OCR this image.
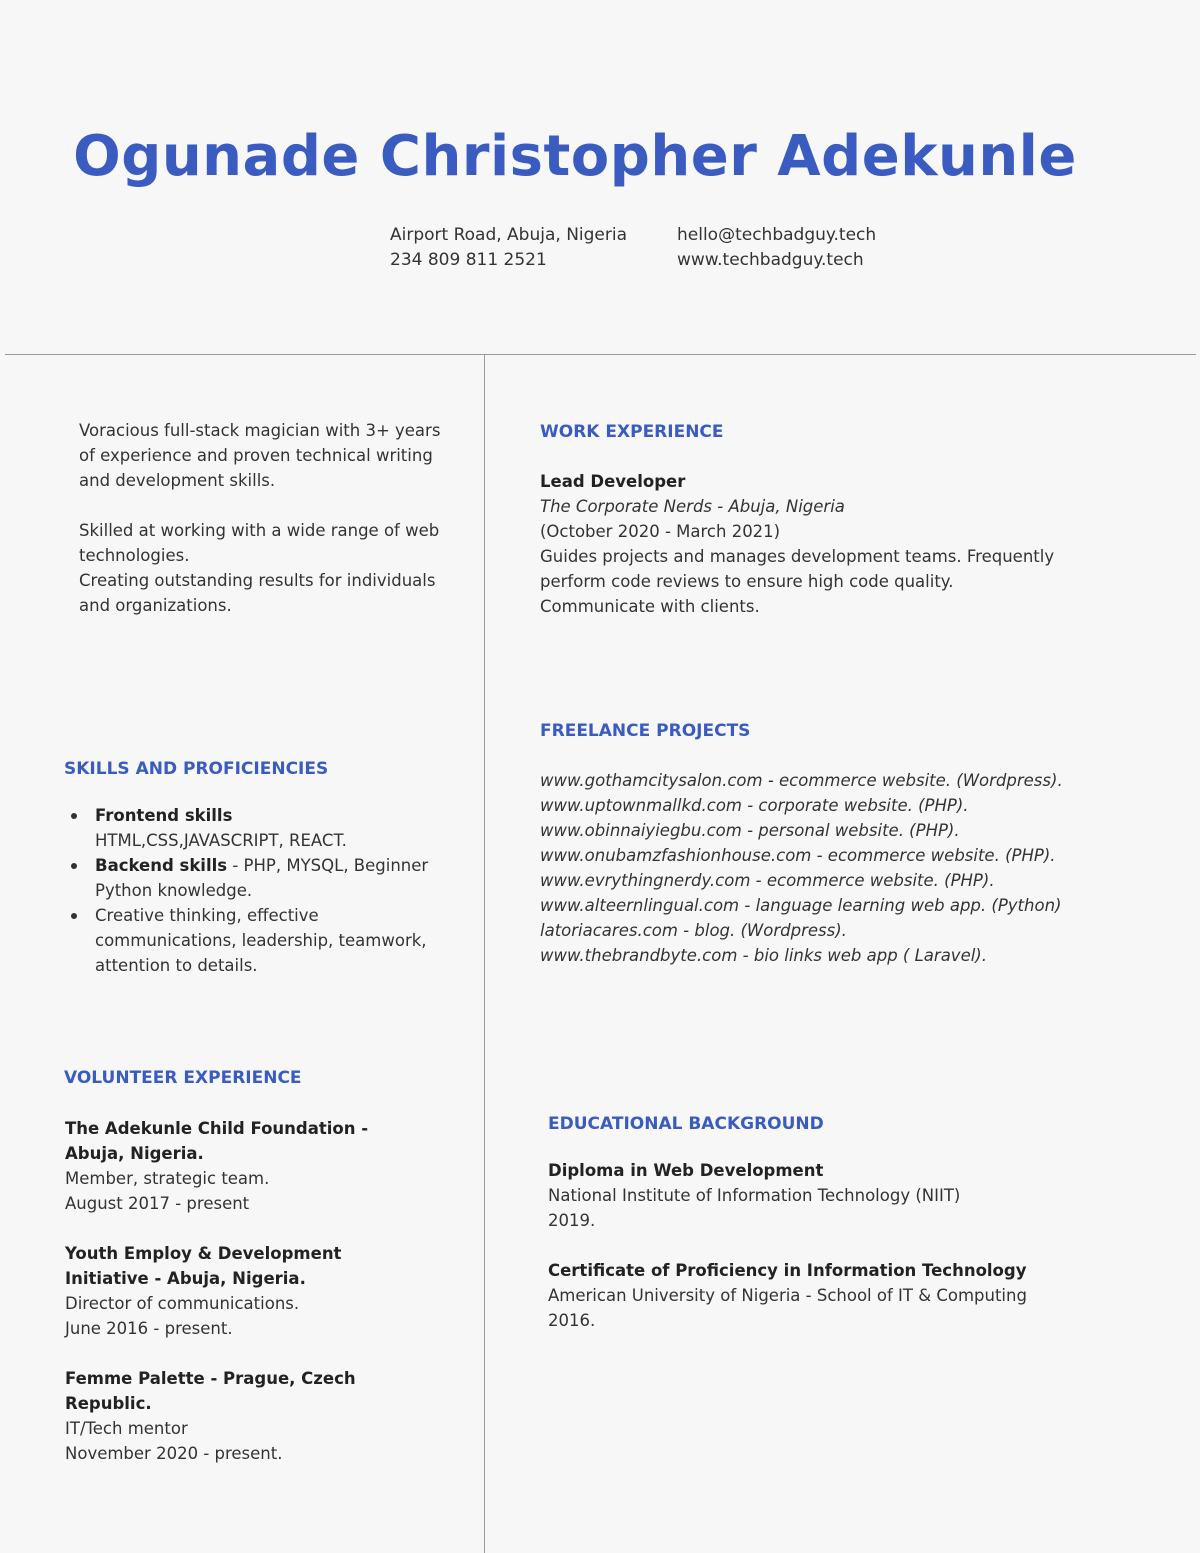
Ogunade Christopher Adekunle
Airport Road, Abuja, Nigeria
234 809 811 2521
hello@techbadguy.tech
www.techbadguy.tech

Voracious full-stack magician with 3+ years of experience and proven technical writing and development skills.

Skilled at working with a wide range of web technologies.

Creating outstanding results for individuals and organizations.

SKILLS AND PROFICIENCIES
Frontend skills
HTML,CSS,JAVASCRIPT, REACT.
Backend skills - PHP, MYSQL, Beginner Python knowledge.
Creative thinking, effective communications, leadership, teamwork, attention to details.
VOLUNTEER EXPERIENCE
The Adekunle Child Foundation - Abuja, Nigeria.
Member, strategic team.
August 2017 - present
Youth Employ & Development Initiative - Abuja, Nigeria.
Director of communications.
June 2016 - present.
Femme Palette - Prague, Czech Republic.
IT/Tech mentor
November 2020 - present.
WORK EXPERIENCE
Lead Developer
The Corporate Nerds - Abuja, Nigeria
(October 2020 - March 2021)
Guides projects and manages development teams. Frequently perform code reviews to ensure high code quality. Communicate with clients.
FREELANCE PROJECTS
www.gothamcitysalon.com - ecommerce website. (Wordpress).
www.uptownmallkd.com - corporate website. (PHP).
www.obinnaiyiegbu.com - personal website. (PHP).
www.onubamzfashionhouse.com - ecommerce website. (PHP).
www.evrythingnerdy.com - ecommerce website. (PHP).
www.alteernlingual.com - language learning web app. (Python)
latoriacares.com - blog. (Wordpress).
www.thebrandbyte.com - bio links web app ( Laravel).
EDUCATIONAL BACKGROUND
Diploma in Web Development
National Institute of Information Technology (NIIT)
2019.
Certificate of Proficiency in Information Technology
American University of Nigeria - School of IT & Computing
2016.
